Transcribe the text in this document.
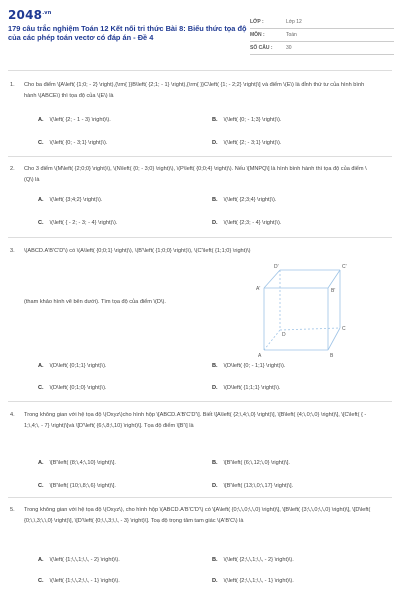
$2048^{.vn}$
179 câu trắc nghiệm Toán 12 Kết nối tri thức Bài 8: Biểu thức tọa độ của các phép toán vectơ có đáp án - Đề 4
LỚP :	Lớp 12
MÔN :	Toán
SỐ CÂU :	30
1. Cho ba điểm \[A\left( {1;0; - 2} \right),{\rm{ }}B\left( {2;1; - 1} \right),{\rm{ }}C\left( {1; - 2;2} \right)\] và điểm \(E\) là đỉnh thứ tư của hình bình hành \(ABCE\) thì tọa độ của \(E\) là
A. \(\left( {2; - 1 - 3} \right)\).	B. \(\left( {0; - 1;3} \right)\).
C. \(\left( {0; - 3;1} \right)\).	D. \(\left( {2; - 3;1} \right)\).
2. Cho 3 điểm \(M\left( {2;0;0} \right)\), \(N\left( {0; - 3;0} \right)\), \(P\left( {0;0;4} \right)\). Nếu \[MNPQ\] là hình bình hành thì tọa độ của điểm \(Q\) là
A. \(\left( {3;4;2} \right)\).	B. \(\left( {2;3;4} \right)\).
C. \(\left( { - 2; - 3; - 4} \right)\).	D. \(\left( {2;3; - 4} \right)\).
3. \(ABCD.A'B'C'D'\) có \(A\left( {0;0;1} \right)\), \(B'\left( {1;0;0} \right)\), \(C'\left( {1;1;0} \right)\)
(tham khảo hình vẽ bên dưới). Tìm tọa độ của điểm \(D\).
D'	C'
A'	B'
D
C
A	B
A. \(D\left( {0;1;1} \right)\).	B. \(D\left( {0; - 1;1} \right)\).
C. \(D\left( {0;1;0} \right)\).	D. \(D\left( {1;1;1} \right)\).
4. Trong không gian với hệ tọa độ \(Oxyz\)cho hình hộp \[ABCD.A'B'C'D'\]. Biết \[A\left( {2;\,4;\,0} \right)\], \[B\left( {4;\,0;\,0} \right)\], \[C\left( { - 1;\,4;\, - 7} \right)\]và \[D'\left( {6;\,8;\,10} \right)\]. Tọa độ điểm \[B'\] là
A. \[B'\left( {8;\,4;\,10} \right)\].	B. \[B'\left( {6;\,12;\,0} \right)\].
C. \[B'\left( {10;\,8;\,6} \right)\].	D. \[B'\left( {13;\,0;\,17} \right)\].
5. Trong không gian với hệ tọa độ \(Oxyz\), cho hình hộp \(ABCD.A'B'C'D'\) có \[A\left( {0;\,\,0;\,\,0} \right)\], \[B\left( {3;\,\,0;\,\,0} \right)\], \[D\left( {0;\,\,3;\,\,0} \right)\], \[D'\left( {0;\,\,3;\,\, - 3} \right)\]. Toạ độ trọng tâm tam giác \(A'B'C\) là
A. \(\left( {1;\,\,1;\,\, - 2} \right)\).	B. \(\left( {2;\,\,1;\,\, - 2} \right)\).
C. \(\left( {1;\,\,2;\,\, - 1} \right)\).	D. \(\left( {2;\,\,1;\,\, - 1} \right)\).
